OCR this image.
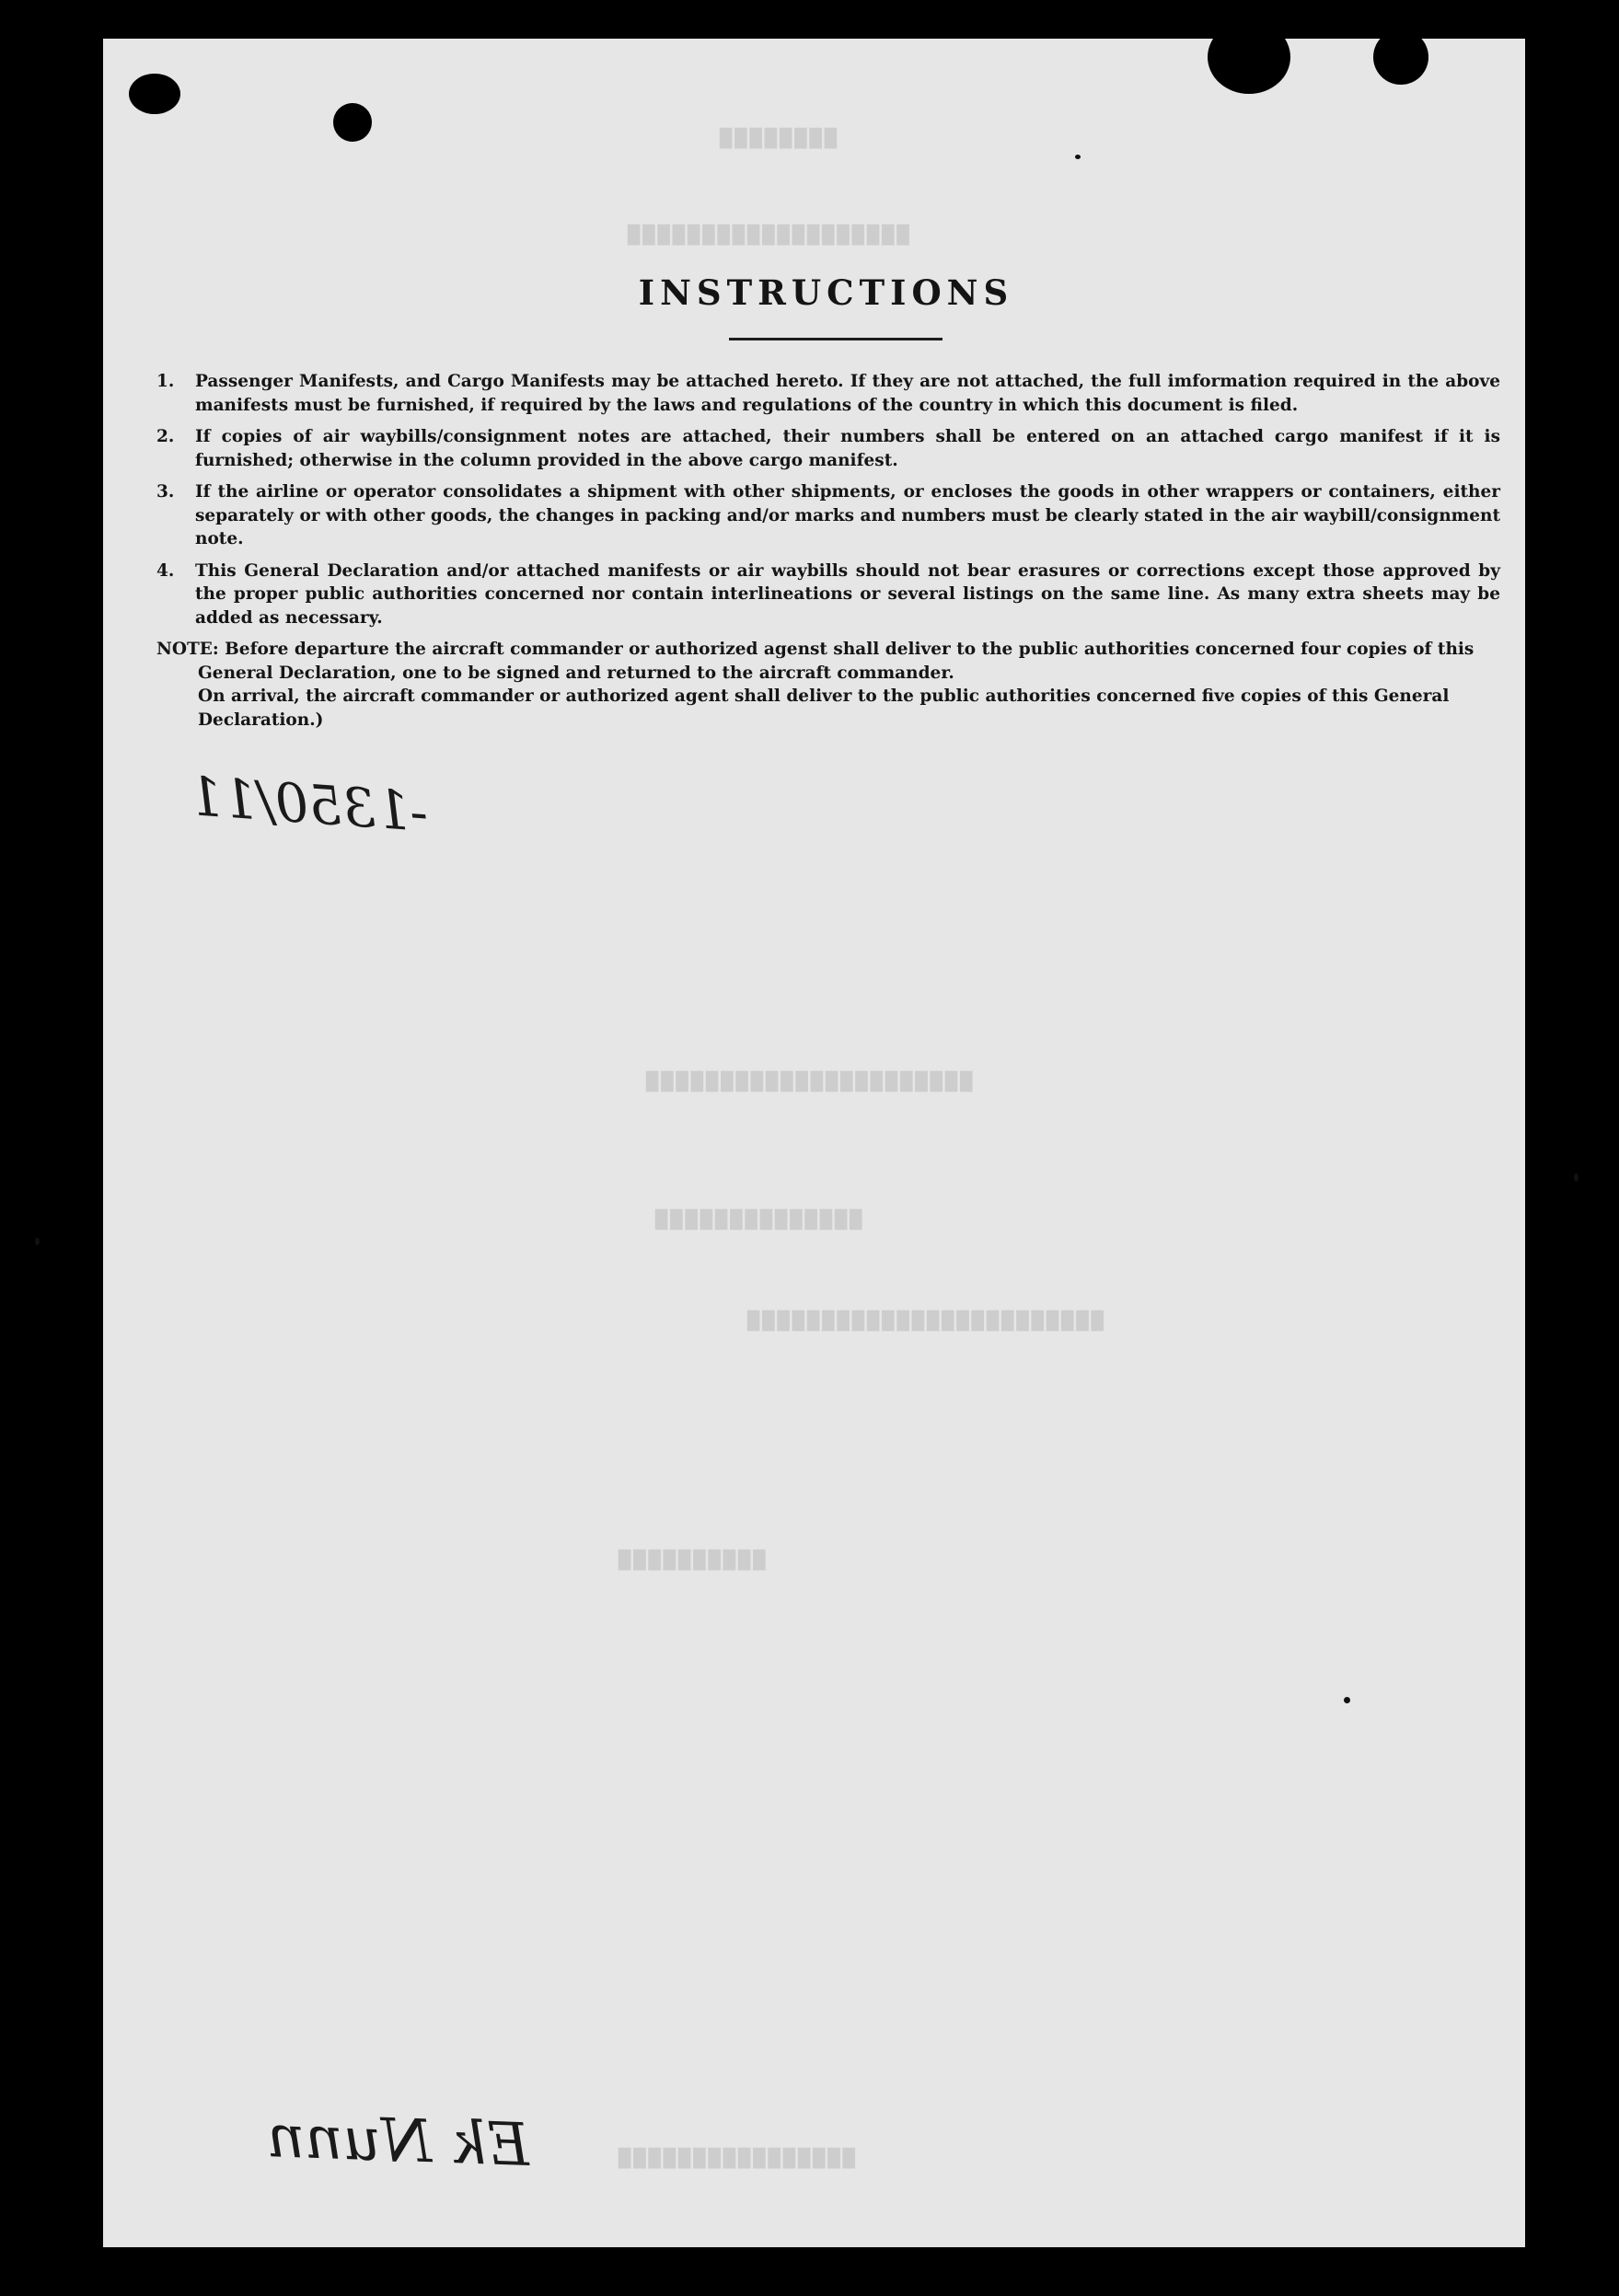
▇▇▇▇▇▇▇▇
▇▇▇▇▇▇▇▇▇▇▇▇▇▇▇▇▇▇▇
▇▇▇▇▇▇▇▇▇▇▇▇▇▇▇▇▇▇▇▇▇▇
▇▇▇▇▇▇▇▇▇▇▇▇▇▇
▇▇▇▇▇▇▇▇▇▇▇▇▇▇▇▇▇▇▇▇▇▇▇▇
▇▇▇▇▇▇▇▇▇▇
▇▇▇▇▇▇▇▇▇▇▇▇▇▇▇▇

INSTRUCTIONS
1. Passenger Manifests, and Cargo Manifests may be attached hereto. If they are not attached, the full imformation required in the above manifests must be furnished, if required by the laws and regulations of the country in which this document is filed.
2. If copies of air waybills/consignment notes are attached, their numbers shall be entered on an attached cargo manifest if it is furnished; otherwise in the column provided in the above cargo manifest.
3. If the airline or operator consolidates a shipment with other shipments, or encloses the goods in other wrappers or containers, either separately or with other goods, the changes in packing and/or marks and numbers must be clearly stated in the air waybill/consignment note.
4. This General Declaration and/or attached manifests or air waybills should not bear erasures or corrections except those approved by the proper public authorities concerned nor contain interlineations or several listings on the same line. As many extra sheets may be added as necessary.
NOTE: Before departure the aircraft commander or authorized agenst shall deliver to the public authorities concerned four copies of this General Declaration, one to be signed and returned to the aircraft commander.
On arrival, the aircraft commander or authorized agent shall deliver to the public authorities concerned five copies of this General Declaration.)
-1350/11
Ek Nunn
